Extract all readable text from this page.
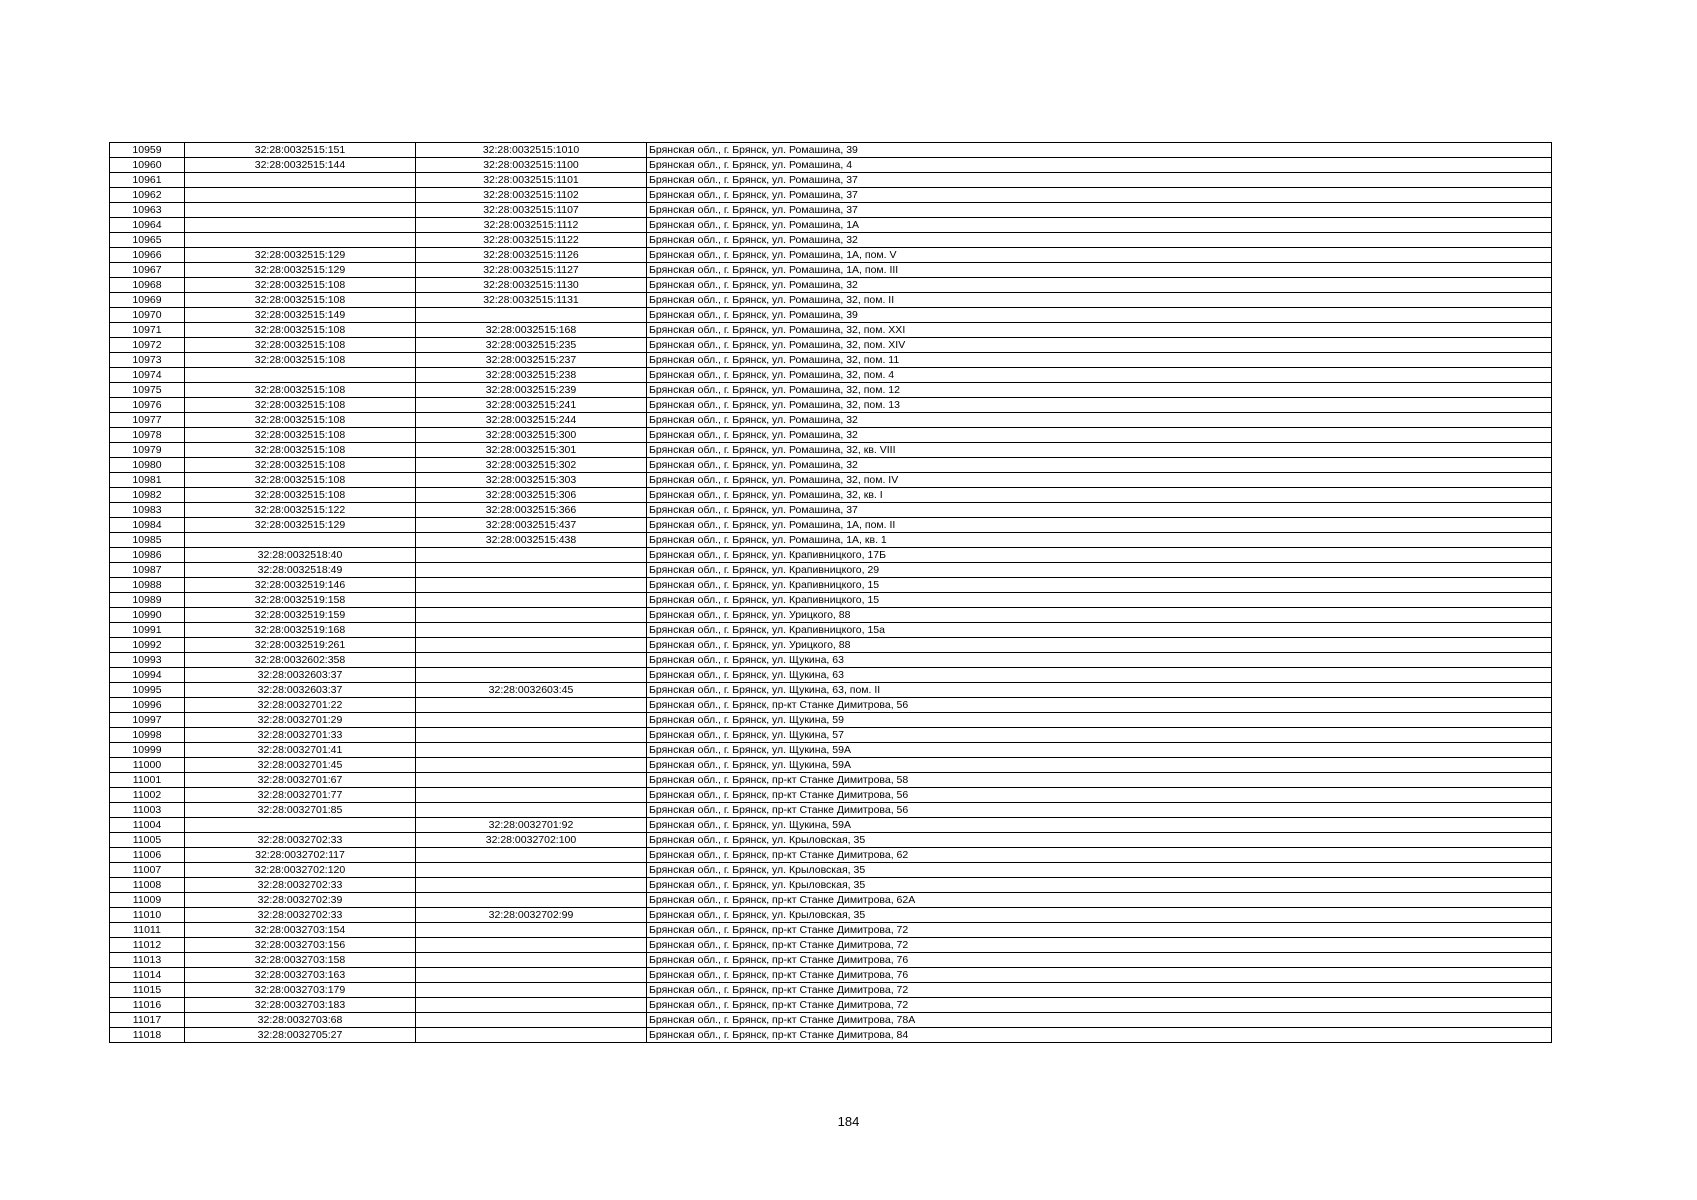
10959	32:28:0032515:151	32:28:0032515:1010	Брянская обл., г. Брянск, ул. Ромашина, 39
10960	32:28:0032515:144	32:28:0032515:1100	Брянская обл., г. Брянск, ул. Ромашина, 4
10961		32:28:0032515:1101	Брянская обл., г. Брянск, ул. Ромашина, 37
10962		32:28:0032515:1102	Брянская обл., г. Брянск, ул. Ромашина, 37
10963		32:28:0032515:1107	Брянская обл., г. Брянск, ул. Ромашина, 37
10964		32:28:0032515:1112	Брянская обл., г. Брянск, ул. Ромашина, 1А
10965		32:28:0032515:1122	Брянская обл., г. Брянск, ул. Ромашина, 32
10966	32:28:0032515:129	32:28:0032515:1126	Брянская обл., г. Брянск, ул. Ромашина, 1А, пом. V
10967	32:28:0032515:129	32:28:0032515:1127	Брянская обл., г. Брянск, ул. Ромашина, 1А, пом. III
10968	32:28:0032515:108	32:28:0032515:1130	Брянская обл., г. Брянск, ул. Ромашина, 32
10969	32:28:0032515:108	32:28:0032515:1131	Брянская обл., г. Брянск, ул. Ромашина, 32, пом. II
10970	32:28:0032515:149		Брянская обл., г. Брянск, ул. Ромашина, 39
10971	32:28:0032515:108	32:28:0032515:168	Брянская обл., г. Брянск, ул. Ромашина, 32, пом. XXI
10972	32:28:0032515:108	32:28:0032515:235	Брянская обл., г. Брянск, ул. Ромашина, 32, пом. XIV
10973	32:28:0032515:108	32:28:0032515:237	Брянская обл., г. Брянск, ул. Ромашина, 32, пом. 11
10974		32:28:0032515:238	Брянская обл., г. Брянск, ул. Ромашина, 32, пом. 4
10975	32:28:0032515:108	32:28:0032515:239	Брянская обл., г. Брянск, ул. Ромашина, 32, пом. 12
10976	32:28:0032515:108	32:28:0032515:241	Брянская обл., г. Брянск, ул. Ромашина, 32, пом. 13
10977	32:28:0032515:108	32:28:0032515:244	Брянская обл., г. Брянск, ул. Ромашина, 32
10978	32:28:0032515:108	32:28:0032515:300	Брянская обл., г. Брянск, ул. Ромашина, 32
10979	32:28:0032515:108	32:28:0032515:301	Брянская обл., г. Брянск, ул. Ромашина, 32, кв. VIII
10980	32:28:0032515:108	32:28:0032515:302	Брянская обл., г. Брянск, ул. Ромашина, 32
10981	32:28:0032515:108	32:28:0032515:303	Брянская обл., г. Брянск, ул. Ромашина, 32, пом. IV
10982	32:28:0032515:108	32:28:0032515:306	Брянская обл., г. Брянск, ул. Ромашина, 32, кв. I
10983	32:28:0032515:122	32:28:0032515:366	Брянская обл., г. Брянск, ул. Ромашина, 37
10984	32:28:0032515:129	32:28:0032515:437	Брянская обл., г. Брянск, ул. Ромашина, 1А, пом. II
10985		32:28:0032515:438	Брянская обл., г. Брянск, ул. Ромашина, 1А, кв. 1
10986	32:28:0032518:40		Брянская обл., г. Брянск, ул. Крапивницкого, 17Б
10987	32:28:0032518:49		Брянская обл., г. Брянск, ул. Крапивницкого, 29
10988	32:28:0032519:146		Брянская обл., г. Брянск, ул. Крапивницкого, 15
10989	32:28:0032519:158		Брянская обл., г. Брянск, ул. Крапивницкого, 15
10990	32:28:0032519:159		Брянская обл., г. Брянск, ул. Урицкого, 88
10991	32:28:0032519:168		Брянская обл., г. Брянск, ул. Крапивницкого, 15а
10992	32:28:0032519:261		Брянская обл., г. Брянск, ул. Урицкого, 88
10993	32:28:0032602:358		Брянская обл., г. Брянск, ул. Щукина, 63
10994	32:28:0032603:37		Брянская обл., г. Брянск, ул. Щукина, 63
10995	32:28:0032603:37	32:28:0032603:45	Брянская обл., г. Брянск, ул. Щукина, 63, пом. II
10996	32:28:0032701:22		Брянская обл., г. Брянск, пр-кт Станке Димитрова, 56
10997	32:28:0032701:29		Брянская обл., г. Брянск, ул. Щукина, 59
10998	32:28:0032701:33		Брянская обл., г. Брянск, ул. Щукина, 57
10999	32:28:0032701:41		Брянская обл., г. Брянск, ул. Щукина, 59А
11000	32:28:0032701:45		Брянская обл., г. Брянск, ул. Щукина, 59А
11001	32:28:0032701:67		Брянская обл., г. Брянск, пр-кт Станке Димитрова, 58
11002	32:28:0032701:77		Брянская обл., г. Брянск, пр-кт Станке Димитрова, 56
11003	32:28:0032701:85		Брянская обл., г. Брянск, пр-кт Станке Димитрова, 56
11004		32:28:0032701:92	Брянская обл., г. Брянск, ул. Щукина, 59А
11005	32:28:0032702:33	32:28:0032702:100	Брянская обл., г. Брянск, ул. Крыловская, 35
11006	32:28:0032702:117		Брянская обл., г. Брянск, пр-кт Станке Димитрова, 62
11007	32:28:0032702:120		Брянская обл., г. Брянск, ул. Крыловская, 35
11008	32:28:0032702:33		Брянская обл., г. Брянск, ул. Крыловская, 35
11009	32:28:0032702:39		Брянская обл., г. Брянск, пр-кт Станке Димитрова, 62А
11010	32:28:0032702:33	32:28:0032702:99	Брянская обл., г. Брянск, ул. Крыловская, 35
11011	32:28:0032703:154		Брянская обл., г. Брянск, пр-кт Станке Димитрова, 72
11012	32:28:0032703:156		Брянская обл., г. Брянск, пр-кт Станке Димитрова, 72
11013	32:28:0032703:158		Брянская обл., г. Брянск, пр-кт Станке Димитрова, 76
11014	32:28:0032703:163		Брянская обл., г. Брянск, пр-кт Станке Димитрова, 76
11015	32:28:0032703:179		Брянская обл., г. Брянск, пр-кт Станке Димитрова, 72
11016	32:28:0032703:183		Брянская обл., г. Брянск, пр-кт Станке Димитрова, 72
11017	32:28:0032703:68		Брянская обл., г. Брянск, пр-кт Станке Димитрова, 78А
11018	32:28:0032705:27		Брянская обл., г. Брянск, пр-кт Станке Димитрова, 84
184
